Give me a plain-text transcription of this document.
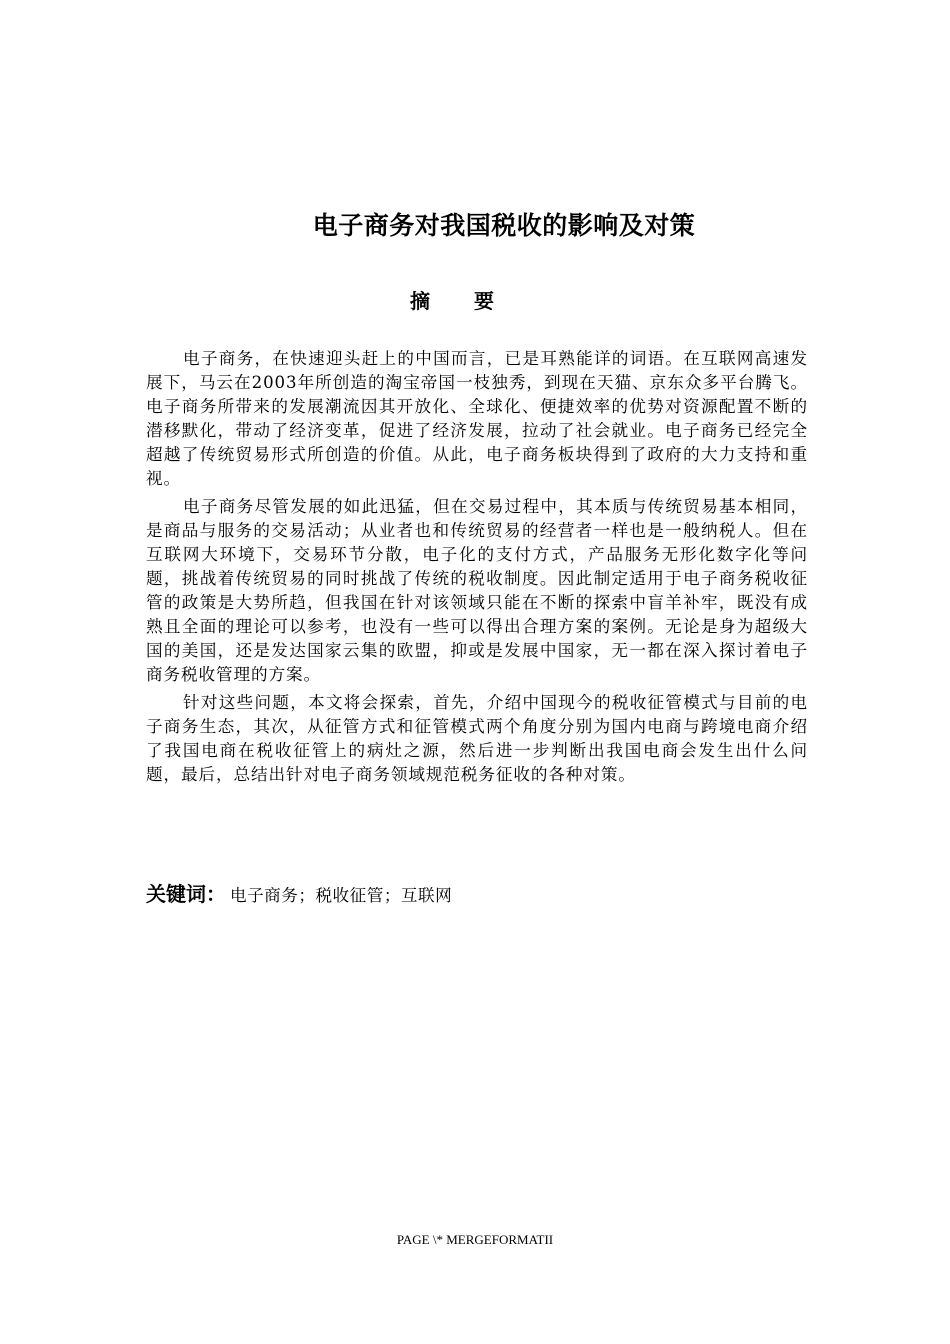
电子商务对我国税收的影响及对策
摘 要

电子商务，在快速迎头赶上的中国而言，已是耳熟能详的词语。在互联网高速发展下，马云在2003年所创造的淘宝帝国一枝独秀，到现在天猫、京东众多平台腾飞。电子商务所带来的发展潮流因其开放化、全球化、便捷效率的优势对资源配置不断的潜移默化，带动了经济变革，促进了经济发展，拉动了社会就业。电子商务已经完全超越了传统贸易形式所创造的价值。从此，电子商务板块得到了政府的大力支持和重视。

电子商务尽管发展的如此迅猛，但在交易过程中，其本质与传统贸易基本相同，是商品与服务的交易活动；从业者也和传统贸易的经营者一样也是一般纳税人。但在互联网大环境下，交易环节分散，电子化的支付方式，产品服务无形化数字化等问题，挑战着传统贸易的同时挑战了传统的税收制度。因此制定适用于电子商务税收征管的政策是大势所趋，但我国在针对该领域只能在不断的探索中盲羊补牢，既没有成熟且全面的理论可以参考，也没有一些可以得出合理方案的案例。无论是身为超级大国的美国，还是发达国家云集的欧盟，抑或是发展中国家，无一都在深入探讨着电子商务税收管理的方案。

针对这些问题，本文将会探索，首先，介绍中国现今的税收征管模式与目前的电子商务生态，其次，从征管方式和征管模式两个角度分别为国内电商与跨境电商介绍了我国电商在税收征管上的病灶之源，然后进一步判断出我国电商会发生出什么问题，最后，总结出针对电子商务领域规范税务征收的各种对策。

关键词： 电子商务；税收征管；互联网
PAGE \* MERGEFORMATII
